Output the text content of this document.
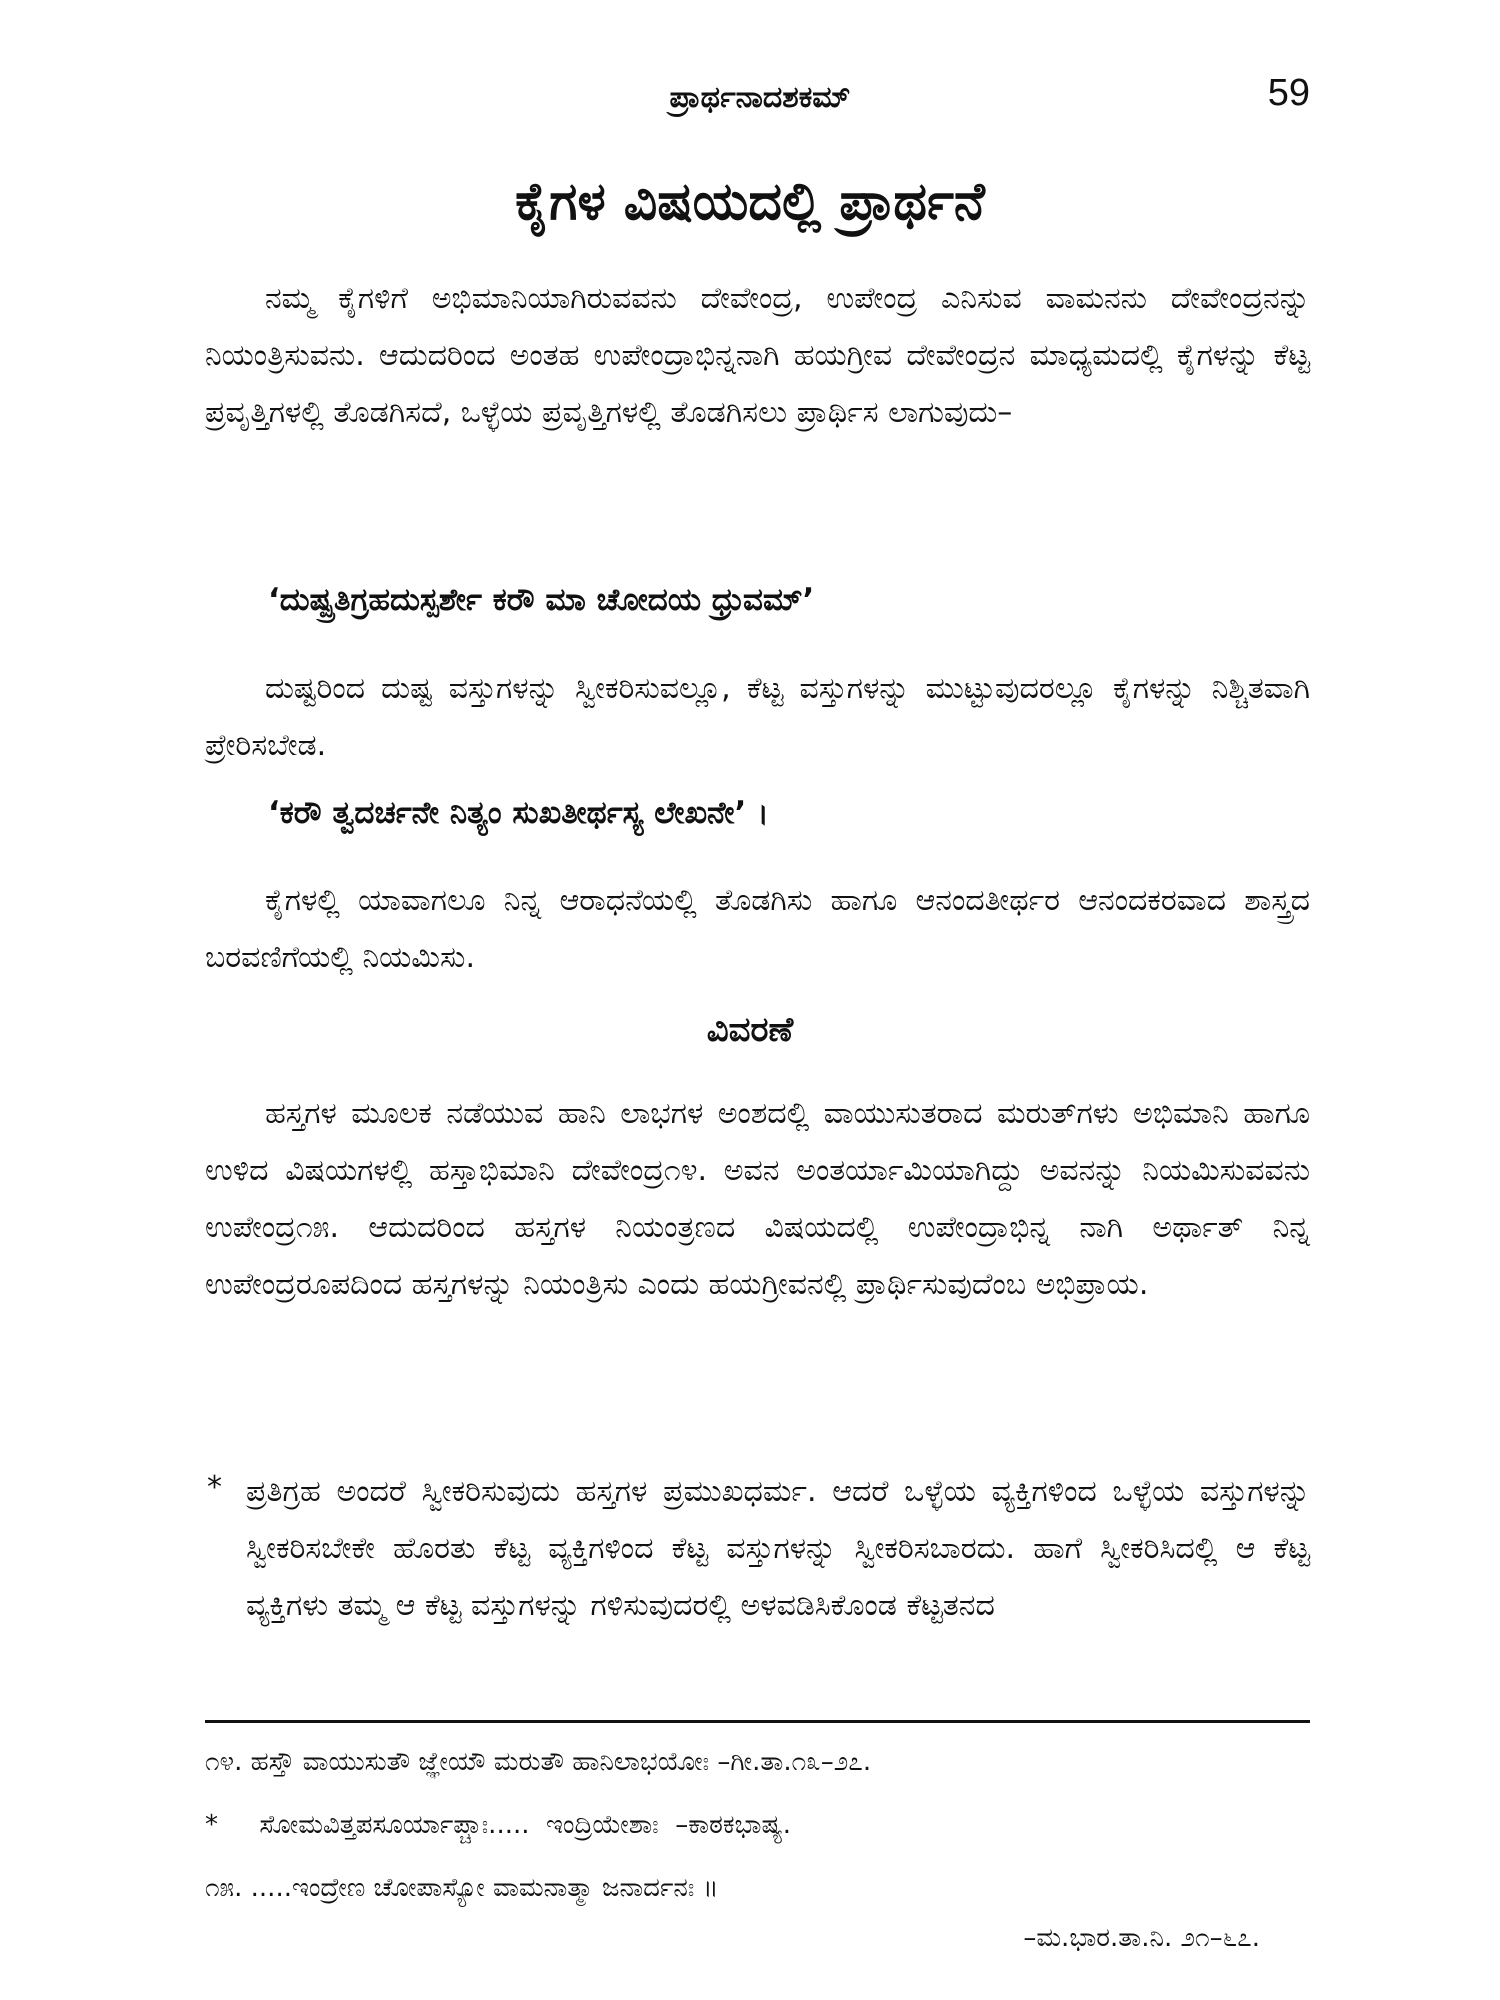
ಪ್ರಾರ್ಥನಾದಶಕಮ್	59
ಕೈಗಳ ವಿಷಯದಲ್ಲಿ ಪ್ರಾರ್ಥನೆ

ನಮ್ಮ ಕೈಗಳಿಗೆ ಅಭಿಮಾನಿಯಾಗಿರುವವನು ದೇವೇಂದ್ರ, ಉಪೇಂದ್ರ ಎನಿಸುವ ವಾಮನನು ದೇವೇಂದ್ರನನ್ನು ನಿಯಂತ್ರಿಸುವನು. ಆದುದರಿಂದ ಅಂತಹ ಉಪೇಂದ್ರಾಭಿನ್ನನಾಗಿ ಹಯಗ್ರೀವ ದೇವೇಂದ್ರನ ಮಾಧ್ಯಮದಲ್ಲಿ ಕೈಗಳನ್ನು ಕೆಟ್ಟ ಪ್ರವೃತ್ತಿಗಳಲ್ಲಿ ತೊಡಗಿಸದೆ, ಒಳ್ಳೆಯ ಪ್ರವೃತ್ತಿಗಳಲ್ಲಿ ತೊಡಗಿಸಲು ಪ್ರಾರ್ಥಿಸ ಲಾಗುವುದು–

‘ದುಷ್ಪ್ರತಿಗ್ರಹದುಸ್ಪರ್ಶೇ ಕರೌ ಮಾ ಚೋದಯ ಧ್ರುವಮ್’

ದುಷ್ಟರಿಂದ ದುಷ್ಟ ವಸ್ತುಗಳನ್ನು ಸ್ವೀಕರಿಸುವಲ್ಲೂ, ಕೆಟ್ಟ ವಸ್ತುಗಳನ್ನು ಮುಟ್ಟುವುದರಲ್ಲೂ ಕೈಗಳನ್ನು ನಿಶ್ಚಿತವಾಗಿ ಪ್ರೇರಿಸಬೇಡ.

‘ಕರೌ ತ್ವದರ್ಚನೇ ನಿತ್ಯಂ ಸುಖತೀರ್ಥಸ್ಯ ಲೇಖನೇ’ ।

ಕೈಗಳಲ್ಲಿ ಯಾವಾಗಲೂ ನಿನ್ನ ಆರಾಧನೆಯಲ್ಲಿ ತೊಡಗಿಸು ಹಾಗೂ ಆನಂದತೀರ್ಥರ ಆನಂದಕರವಾದ ಶಾಸ್ತ್ರದ ಬರವಣಿಗೆಯಲ್ಲಿ ನಿಯಮಿಸು.

ವಿವರಣೆ

ಹಸ್ತಗಳ ಮೂಲಕ ನಡೆಯುವ ಹಾನಿ ಲಾಭಗಳ ಅಂಶದಲ್ಲಿ ವಾಯುಸುತರಾದ ಮರುತ್‌ಗಳು ಅಭಿಮಾನಿ ಹಾಗೂ ಉಳಿದ ವಿಷಯಗಳಲ್ಲಿ ಹಸ್ತಾಭಿಮಾನಿ ದೇವೇಂದ್ರ೧೪. ಅವನ ಅಂತರ್ಯಾಮಿಯಾಗಿದ್ದು ಅವನನ್ನು ನಿಯಮಿಸುವವನು ಉಪೇಂದ್ರ೧೫. ಆದುದರಿಂದ ಹಸ್ತಗಳ ನಿಯಂತ್ರಣದ ವಿಷಯದಲ್ಲಿ ಉಪೇಂದ್ರಾಭಿನ್ನ ನಾಗಿ ಅರ್ಥಾತ್ ನಿನ್ನ ಉಪೇಂದ್ರರೂಪದಿಂದ ಹಸ್ತಗಳನ್ನು ನಿಯಂತ್ರಿಸು ಎಂದು ಹಯಗ್ರೀವನಲ್ಲಿ ಪ್ರಾರ್ಥಿಸುವುದೆಂಬ ಅಭಿಪ್ರಾಯ.

* ಪ್ರತಿಗ್ರಹ ಅಂದರೆ ಸ್ವೀಕರಿಸುವುದು ಹಸ್ತಗಳ ಪ್ರಮುಖಧರ್ಮ. ಆದರೆ ಒಳ್ಳೆಯ ವ್ಯಕ್ತಿಗಳಿಂದ ಒಳ್ಳೆಯ ವಸ್ತುಗಳನ್ನು ಸ್ವೀಕರಿಸಬೇಕೇ ಹೊರತು ಕೆಟ್ಟ ವ್ಯಕ್ತಿಗಳಿಂದ ಕೆಟ್ಟ ವಸ್ತುಗಳನ್ನು ಸ್ವೀಕರಿಸಬಾರದು. ಹಾಗೆ ಸ್ವೀಕರಿಸಿದಲ್ಲಿ ಆ ಕೆಟ್ಟ ವ್ಯಕ್ತಿಗಳು ತಮ್ಮ ಆ ಕೆಟ್ಟ ವಸ್ತುಗಳನ್ನು ಗಳಿಸುವುದರಲ್ಲಿ ಅಳವಡಿಸಿಕೊಂಡ ಕೆಟ್ಟತನದ

೧೪. ಹಸ್ತೌ ವಾಯುಸುತೌ ಜ್ಞೇಯೌ ಮರುತೌ ಹಾನಿಲಾಭಯೋಃ –ಗೀ.ತಾ.೧೩–೨೭.
*     ಸೋಮವಿತ್ತಪಸೂರ್ಯಾಪ್ಚಾಃ.....  ಇಂದ್ರಿಯೇಶಾಃ  –ಕಾಠಕಭಾಷ್ಯ.
೧೫. .....ಇಂದ್ರೇಣ ಚೋಪಾಸ್ಯೋ ವಾಮನಾತ್ಮಾ ಜನಾರ್ದನಃ ॥
–ಮ.ಭಾರ.ತಾ.ನಿ. ೨೧–೬೭.
